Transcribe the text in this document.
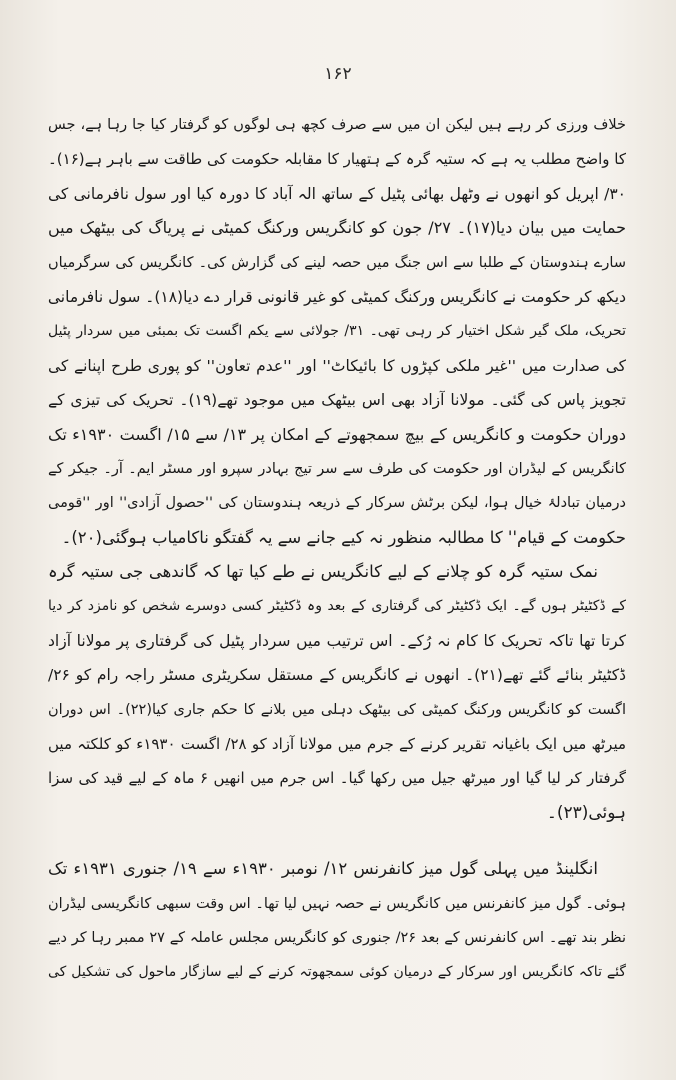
۱۶۲
خلاف ورزی کر رہے ہیں لیکن ان میں سے صرف کچھ ہی لوگوں کو گرفتار کیا جا رہا ہے، جس
کا واضح مطلب یہ ہے کہ ستیہ گرہ کے ہتھیار کا مقابلہ حکومت کی طاقت سے باہر ہے(۱۶)۔
۳۰/ اپریل کو انھوں نے وٹھل بھائی پٹیل کے ساتھ الہ آباد کا دورہ کیا اور سول نافرمانی کی
حمایت میں بیان دیا(۱۷)۔ ۲۷/ جون کو کانگریس ورکنگ کمیٹی نے پریاگ کی بیٹھک میں
سارے ہندوستان کے طلبا سے اس جنگ میں حصہ لینے کی گزارش کی۔ کانگریس کی سرگرمیاں
دیکھ کر حکومت نے کانگریس ورکنگ کمیٹی کو غیر قانونی قرار دے دیا(۱۸)۔ سول نافرمانی
تحریک، ملک گیر شکل اختیار کر رہی تھی۔ ۳۱/ جولائی سے یکم اگست تک بمبئی میں سردار پٹیل
کی صدارت میں ''غیر ملکی کپڑوں کا بائیکاٹ'' اور ''عدم تعاون'' کو پوری طرح اپنانے کی
تجویز پاس کی گئی۔ مولانا آزاد بھی اس بیٹھک میں موجود تھے(۱۹)۔ تحریک کی تیزی کے
دوران حکومت و کانگریس کے بیچ سمجھوتے کے امکان پر ۱۳/ سے ۱۵/ اگست ۱۹۳۰ء تک
کانگریس کے لیڈران اور حکومت کی طرف سے سر تیج بہادر سپرو اور مسٹر ایم۔ آر۔ جیکر کے
درمیان تبادلۂ خیال ہوا، لیکن برٹش سرکار کے ذریعہ ہندوستان کی ''حصول آزادی'' اور ''قومی
حکومت کے قیام'' کا مطالبہ منظور نہ کیے جانے سے یہ گفتگو ناکامیاب ہوگئی(۲۰)۔
نمک ستیہ گرہ کو چلانے کے لیے کانگریس نے طے کیا تھا کہ گاندھی جی ستیہ گرہ
کے ڈکٹیٹر ہوں گے۔ ایک ڈکٹیٹر کی گرفتاری کے بعد وہ ڈکٹیٹر کسی دوسرے شخص کو نامزد کر دیا
کرتا تھا تاکہ تحریک کا کام نہ رُکے۔ اس ترتیب میں سردار پٹیل کی گرفتاری پر مولانا آزاد
ڈکٹیٹر بنائے گئے تھے(۲۱)۔ انھوں نے کانگریس کے مستقل سکریٹری مسٹر راجہ رام کو ۲۶/
اگست کو کانگریس ورکنگ کمیٹی کی بیٹھک دہلی میں بلانے کا حکم جاری کیا(۲۲)۔ اس دوران
میرٹھ میں ایک باغیانہ تقریر کرنے کے جرم میں مولانا آزاد کو ۲۸/ اگست ۱۹۳۰ء کو کلکتہ میں
گرفتار کر لیا گیا اور میرٹھ جیل میں رکھا گیا۔ اس جرم میں انھیں ۶ ماہ کے لیے قید کی سزا
ہوئی(۲۳)۔
انگلینڈ میں پہلی گول میز کانفرنس ۱۲/ نومبر ۱۹۳۰ء سے ۱۹/ جنوری ۱۹۳۱ء تک
ہوئی۔ گول میز کانفرنس میں کانگریس نے حصہ نہیں لیا تھا۔ اس وقت سبھی کانگریسی لیڈران
نظر بند تھے۔ اس کانفرنس کے بعد ۲۶/ جنوری کو کانگریس مجلس عاملہ کے ۲۷ ممبر رہا کر دیے
گئے تاکہ کانگریس اور سرکار کے درمیان کوئی سمجھوتہ کرنے کے لیے سازگار ماحول کی تشکیل کی
